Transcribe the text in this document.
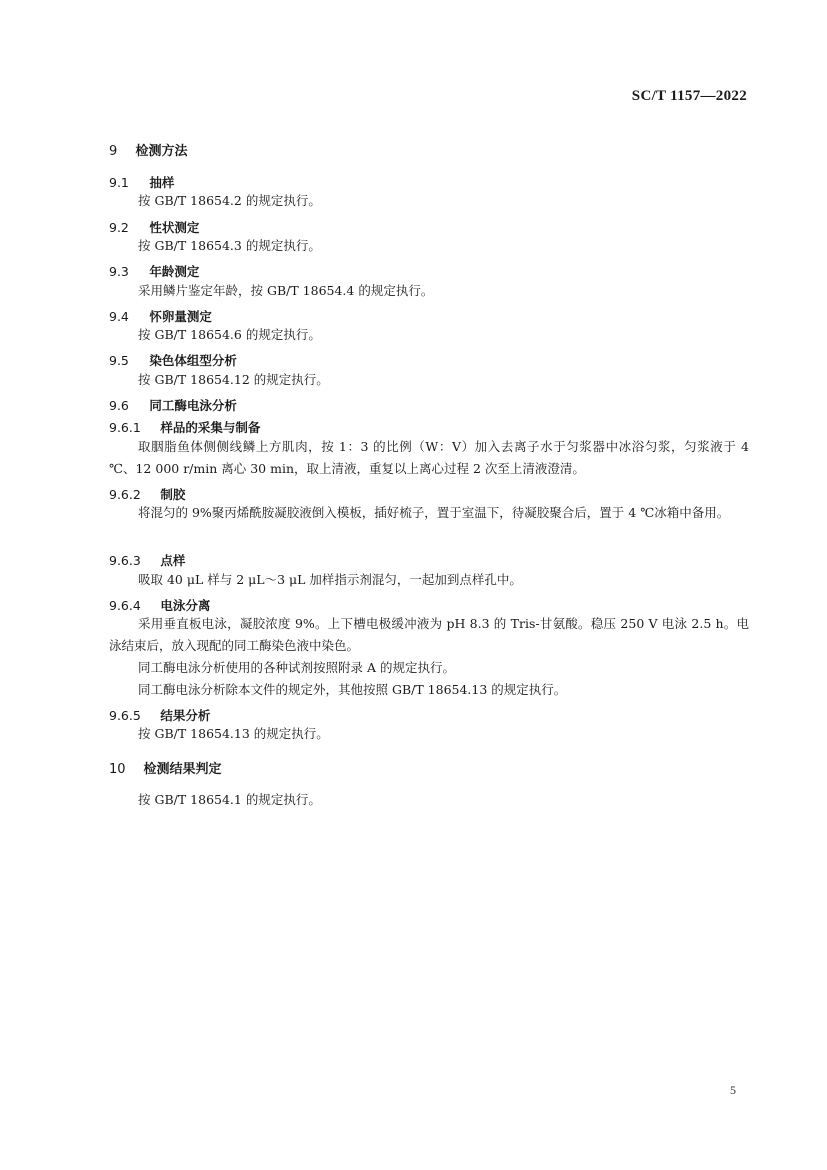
SC/T 1157—2022
9 检测方法
9.1 抽样
按 GB/T 18654.2 的规定执行。
9.2 性状测定
按 GB/T 18654.3 的规定执行。
9.3 年龄测定
采用鳞片鉴定年龄，按 GB/T 18654.4 的规定执行。
9.4 怀卵量测定
按 GB/T 18654.6 的规定执行。
9.5 染色体组型分析
按 GB/T 18654.12 的规定执行。
9.6 同工酶电泳分析
9.6.1 样品的采集与制备
取胭脂鱼体侧侧线鳞上方肌肉，按 1：3 的比例（W：V）加入去离子水于匀浆器中冰浴匀浆，匀浆液于 4 ℃、12 000 r/min 离心 30 min，取上清液，重复以上离心过程 2 次至上清液澄清。
9.6.2 制胶
将混匀的 9%聚丙烯酰胺凝胶液倒入模板，插好梳子，置于室温下，待凝胶聚合后，置于 4 ℃冰箱中备用。
9.6.3 点样
吸取 40 μL 样与 2 μL～3 μL 加样指示剂混匀，一起加到点样孔中。
9.6.4 电泳分离
采用垂直板电泳，凝胶浓度 9%。上下槽电极缓冲液为 pH 8.3 的 Tris-甘氨酸。稳压 250 V 电泳 2.5 h。电泳结束后，放入现配的同工酶染色液中染色。
同工酶电泳分析使用的各种试剂按照附录 A 的规定执行。
同工酶电泳分析除本文件的规定外，其他按照 GB/T 18654.13 的规定执行。
9.6.5 结果分析
按 GB/T 18654.13 的规定执行。
10 检测结果判定
按 GB/T 18654.1 的规定执行。
5
